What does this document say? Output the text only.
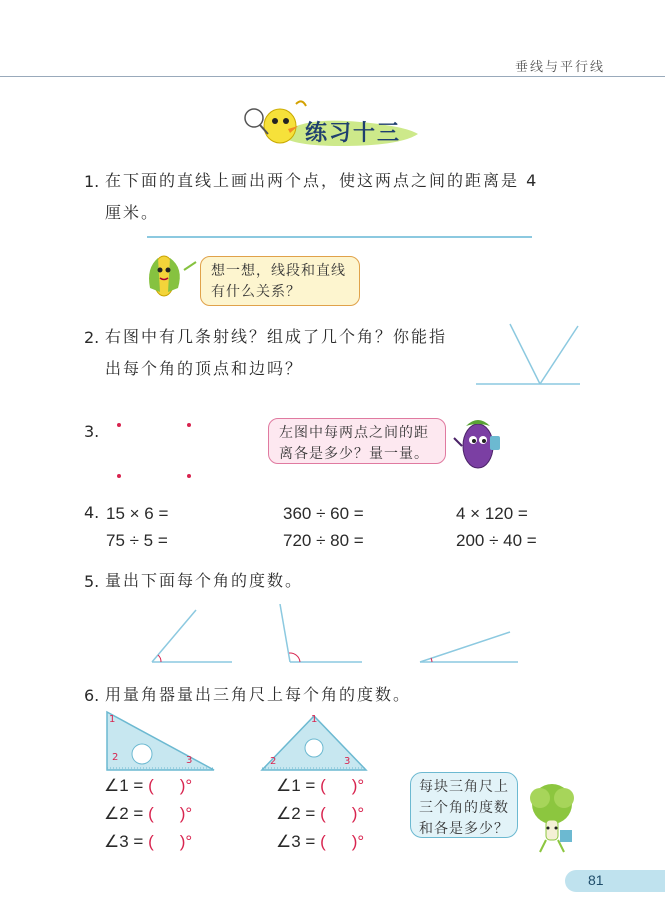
垂线与平行线
练习十三
1. 在下面的直线上画出两个点，使这两点之间的距离是 4
厘米。
想一想，线段和直线
有什么关系？
2. 右图中有几条射线？组成了几个角？你能指
出每个角的顶点和边吗？
3.	左图中每两点之间的距
离各是多少？量一量。
4. 15 × 6 =	360 ÷ 60 =	4 × 120 =
75 ÷ 5 =	720 ÷ 80 =	200 ÷ 40 =
5. 量出下面每个角的度数。
6. 用量角器量出三角尺上每个角的度数。
1
2	3
1
2	3
∠1 = ( )°
∠2 = ( )°
∠3 = ( )°
∠1 = ( )°
∠2 = ( )°
∠3 = ( )°
每块三角尺上
三个角的度数
和各是多少？
81
